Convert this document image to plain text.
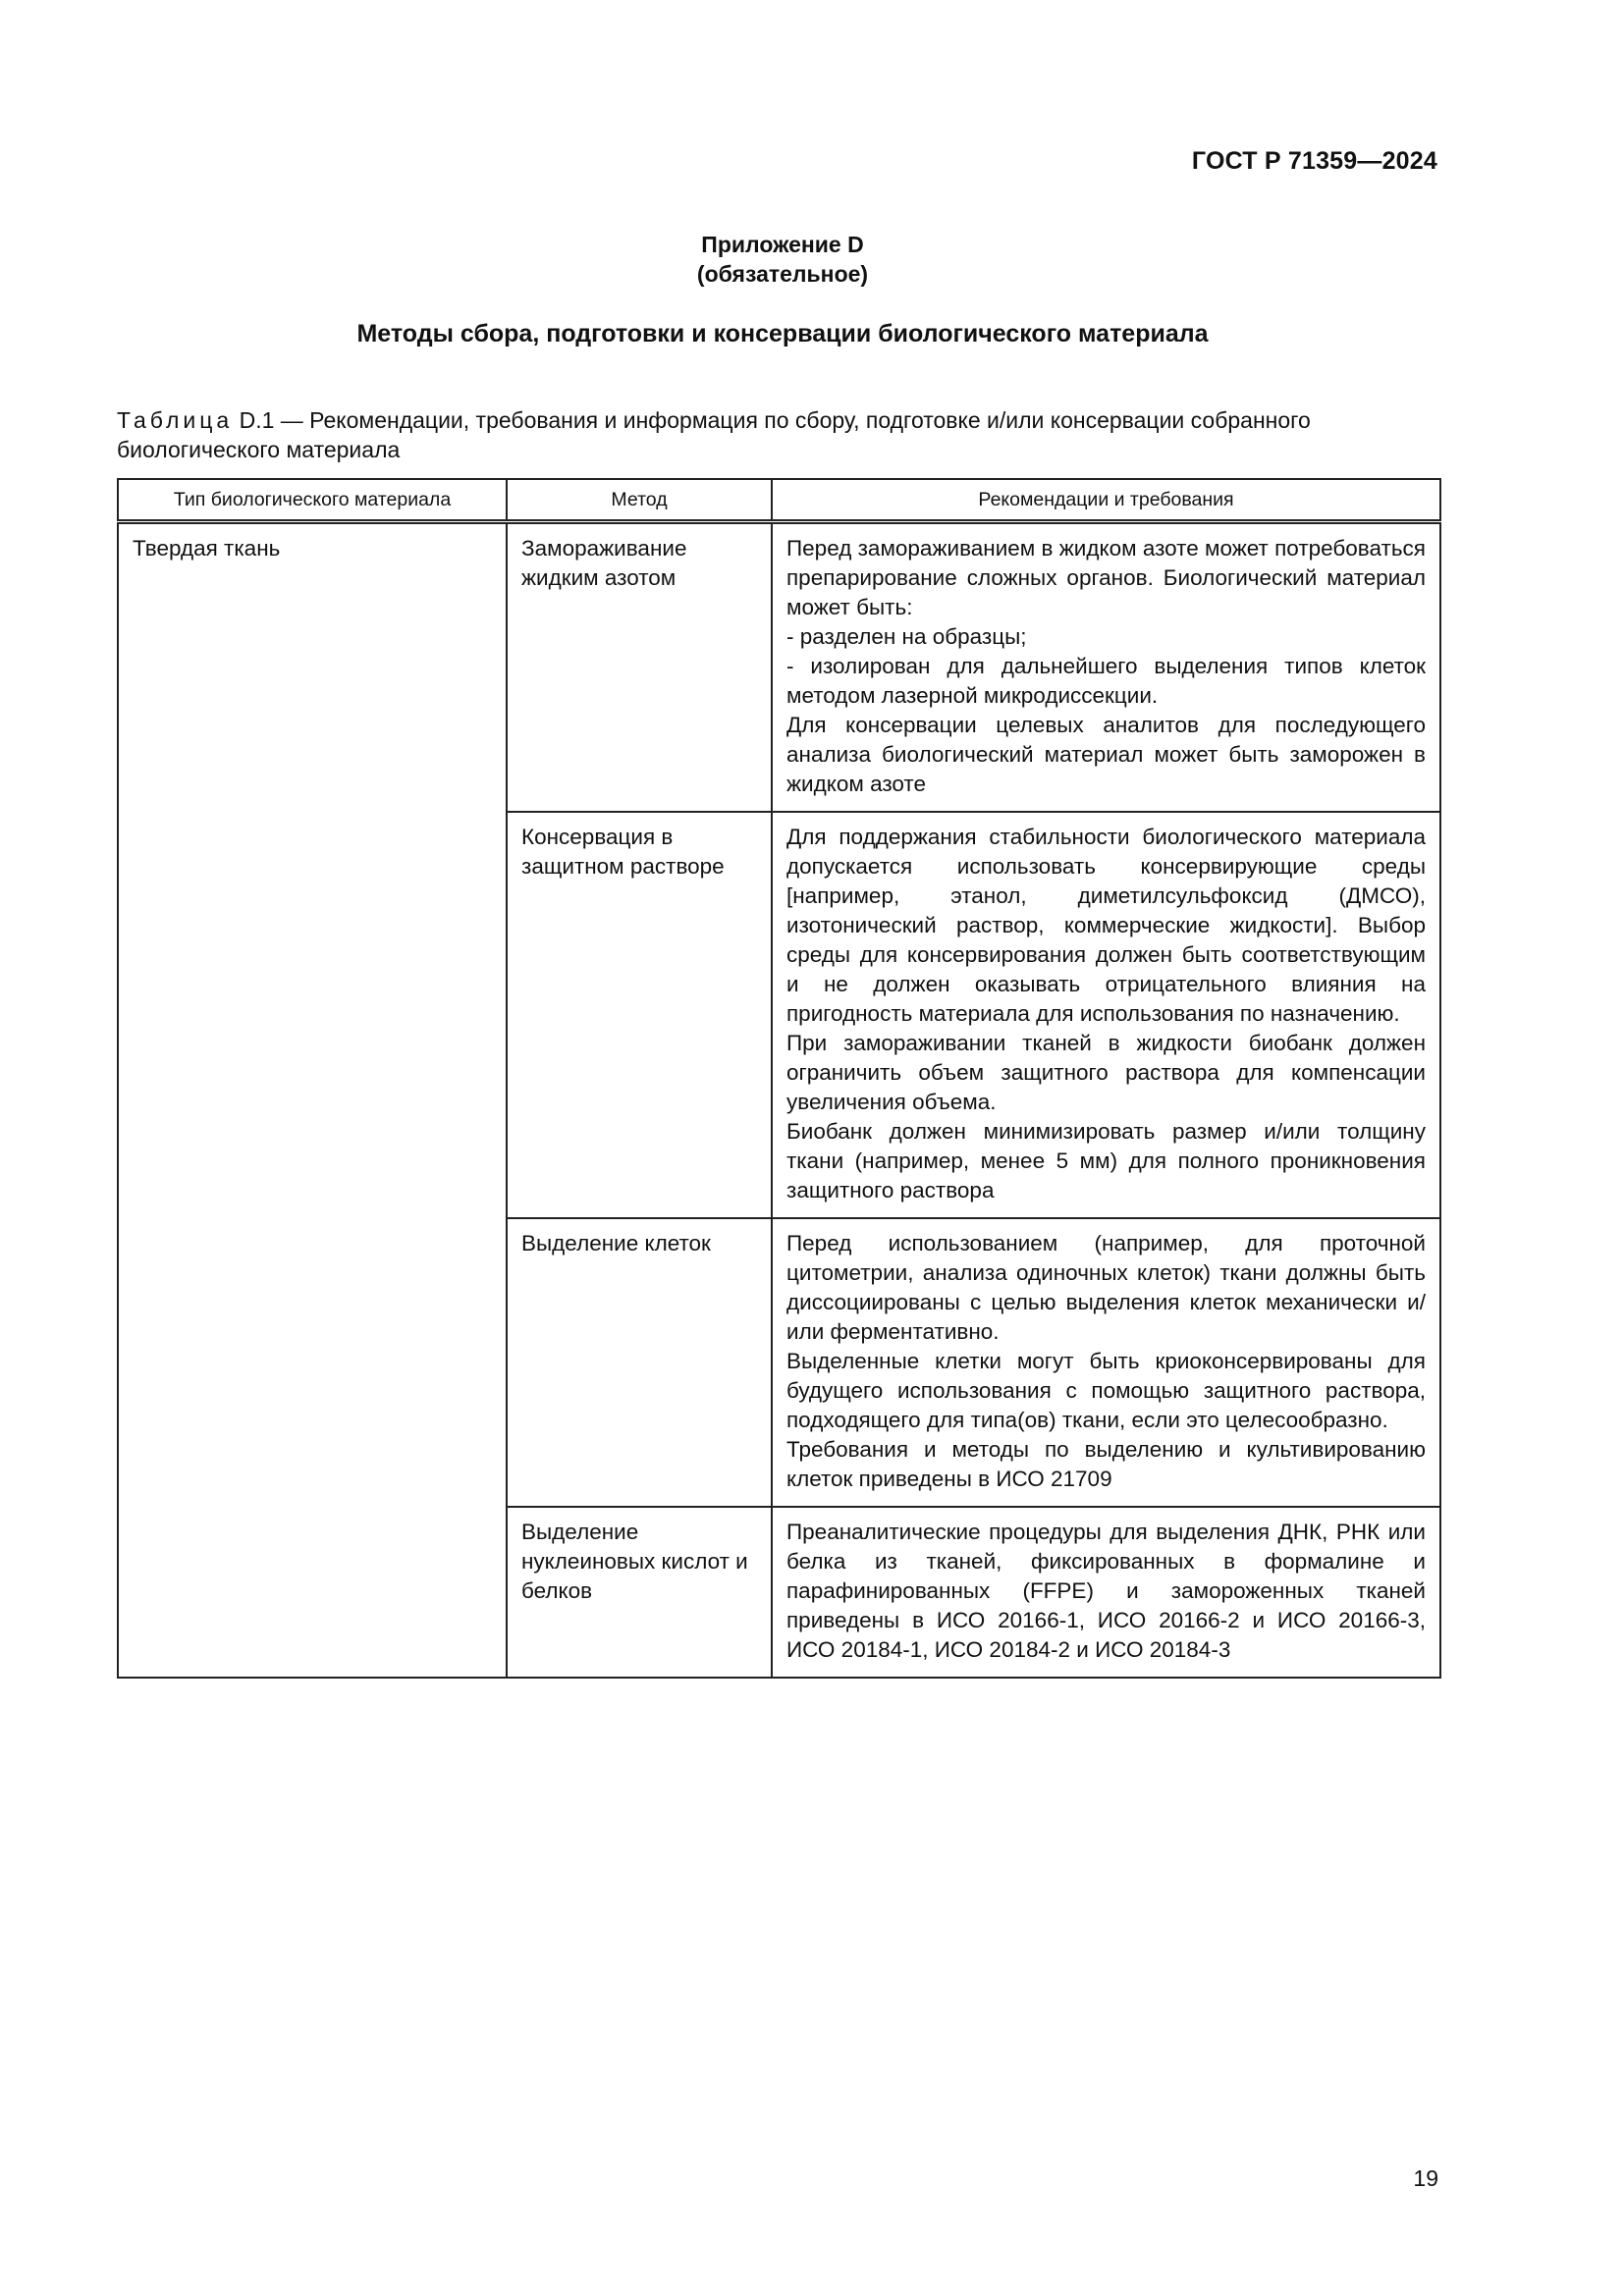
ГОСТ Р 71359—2024
Приложение D
(обязательное)
Методы сбора, подготовки и консервации биологического материала
Таблица D.1 — Рекомендации, требования и информация по сбору, подготовке и/или консервации собранного биологического материала
Тип биологического материала	Метод	Рекомендации и требования
Твердая ткань	Замораживание жидким азотом	Перед замораживанием в жидком азоте может потребоваться препарирование сложных органов. Биологический материал может быть:

- разделен на образцы;

- изолирован для дальнейшего выделения типов клеток методом лазерной микродиссекции.

Для консервации целевых аналитов для последующего анализа биологический материал может быть заморожен в жидком азоте

	Консервация в защитном растворе	Для поддержания стабильности биологического материала допускается использовать консервирующие среды [например, этанол, диметилсульфоксид (ДМСО), изотонический раствор, коммерческие жидкости]. Выбор среды для консервирования должен быть соответствующим и не должен оказывать отрицательного влияния на пригодность материала для использования по назначению.

При замораживании тканей в жидкости биобанк должен ограничить объем защитного раствора для компенсации увеличения объема.

Биобанк должен минимизировать размер и/или толщину ткани (например, менее 5 мм) для полного проникновения защитного раствора

	Выделение клеток	Перед использованием (например, для проточной цитометрии, анализа одиночных клеток) ткани должны быть диссоциированы с целью выделения клеток механически и/или ферментативно.

Выделенные клетки могут быть криоконсервированы для будущего использования с помощью защитного раствора, подходящего для типа(ов) ткани, если это целесообразно.

Требования и методы по выделению и культивированию клеток приведены в ИСО 21709

	Выделение нуклеиновых кислот и белков	Преаналитические процедуры для выделения ДНК, РНК или белка из тканей, фиксированных в формалине и парафинированных (FFPE) и замороженных тканей приведены в ИСО 20166-1, ИСО 20166-2 и ИСО 20166-3, ИСО 20184-1, ИСО 20184-2 и ИСО 20184-3

19
